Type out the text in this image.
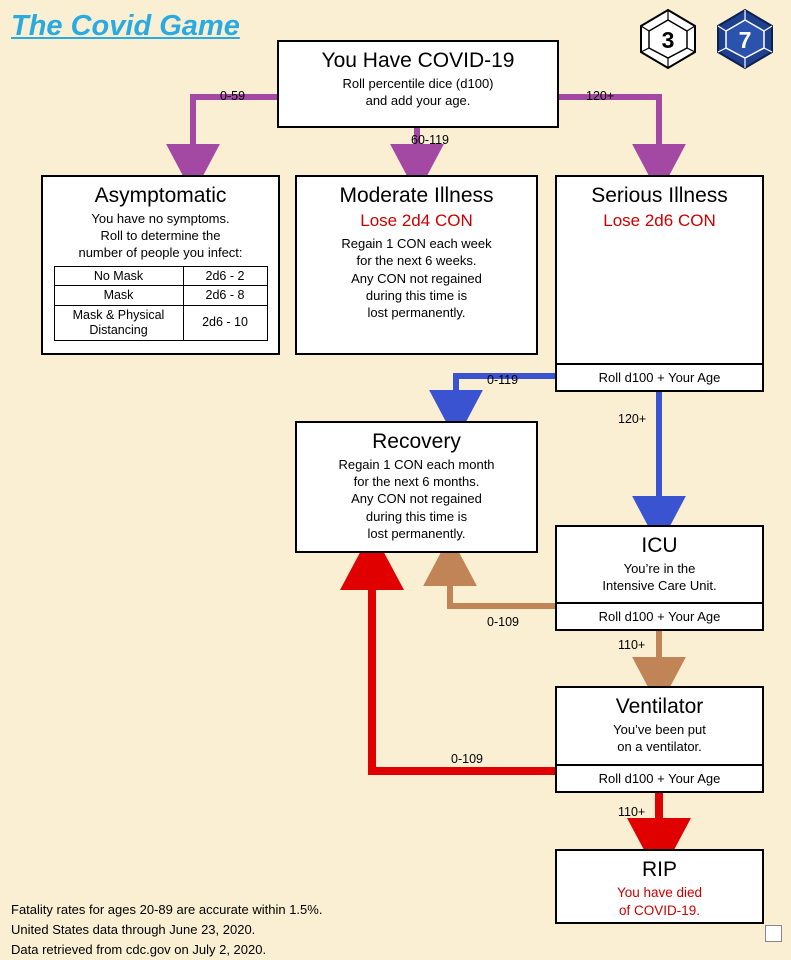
The Covid Game	3	7
You Have COVID-19
Roll percentile dice (d100)
and add your age.
Asymptomatic
You have no symptoms.
Roll to determine the
number of people you infect:
No Mask	2d6 - 2
Mask	2d6 - 8
Mask & Physical Distancing	2d6 - 10
Moderate Illness
Lose 2d4 CON
Regain 1 CON each week
for the next 6 weeks.
Any CON not regained
during this time is
lost permanently.
Serious Illness
Lose 2d6 CON
Roll d100 + Your Age
Recovery
Regain 1 CON each month
for the next 6 months.
Any CON not regained
during this time is
lost permanently.
ICU
You’re in the
Intensive Care Unit.
Roll d100 + Your Age
Ventilator
You’ve been put
on a ventilator.
Roll d100 + Your Age
RIP
You have died
of COVID-19.
0-59
60-119
120+
0-119
120+
0-109
110+
0-109
110+
Fatality rates for ages 20-89 are accurate within 1.5%.
United States data through June 23, 2020.
Data retrieved from cdc.gov on July 2, 2020.
